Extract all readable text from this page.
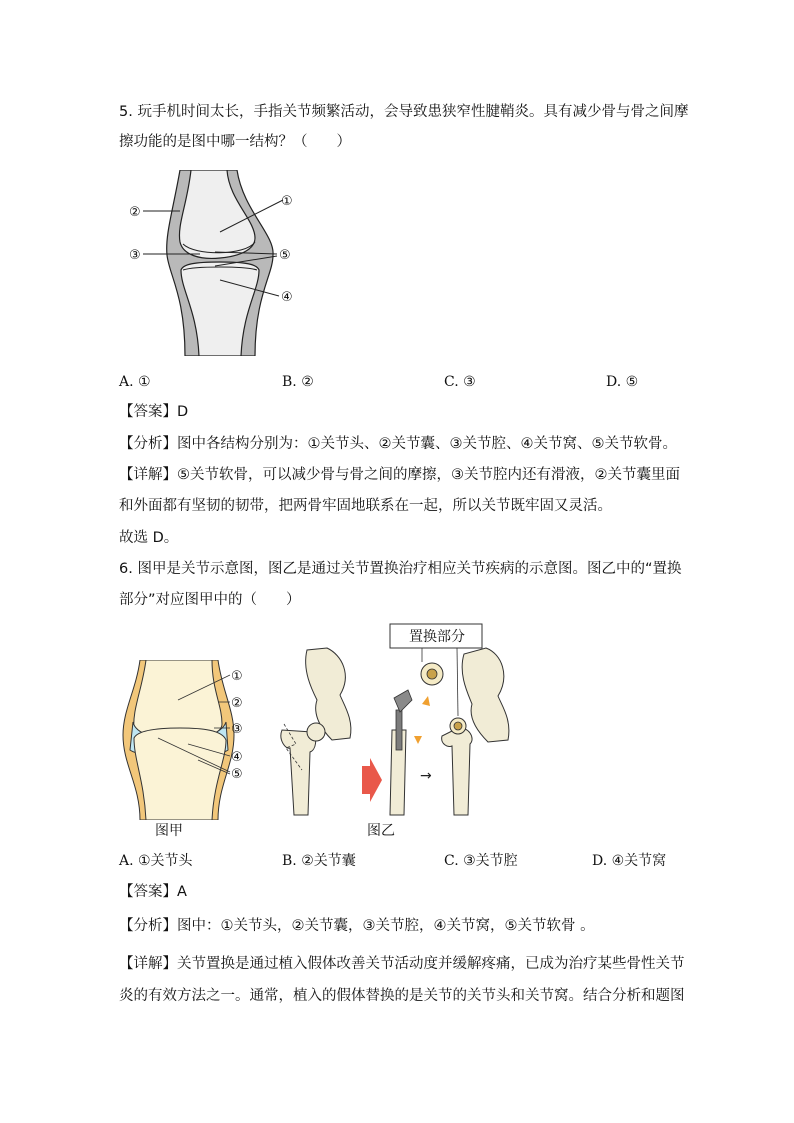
5. 玩手机时间太长，手指关节频繁活动，会导致患狭窄性腱鞘炎。具有减少骨与骨之间摩
擦功能的是图中哪一结构？（　　）
①
②
③
④
⑤
A. ①	B. ②	C. ③	D. ⑤
【答案】D
【分析】图中各结构分别为：①关节头、②关节囊、③关节腔、④关节窝、⑤关节软骨。
【详解】⑤关节软骨，可以减少骨与骨之间的摩擦，③关节腔内还有滑液，②关节囊里面
和外面都有坚韧的韧带，把两骨牢固地联系在一起，所以关节既牢固又灵活。
故选 D。
6. 图甲是关节示意图，图乙是通过关节置换治疗相应关节疾病的示意图。图乙中的“置换
部分”对应图甲中的（　　）
①
②
③
④
⑤
图甲
→
置换部分
图乙
A. ①关节头	B. ②关节囊	C. ③关节腔	D. ④关节窝
【答案】A
【分析】图中：①关节头，②关节囊，③关节腔，④关节窝，⑤关节软骨 。
【详解】关节置换是通过植入假体改善关节活动度并缓解疼痛，已成为治疗某些骨性关节
炎的有效方法之一。通常，植入的假体替换的是关节的关节头和关节窝。结合分析和题图
